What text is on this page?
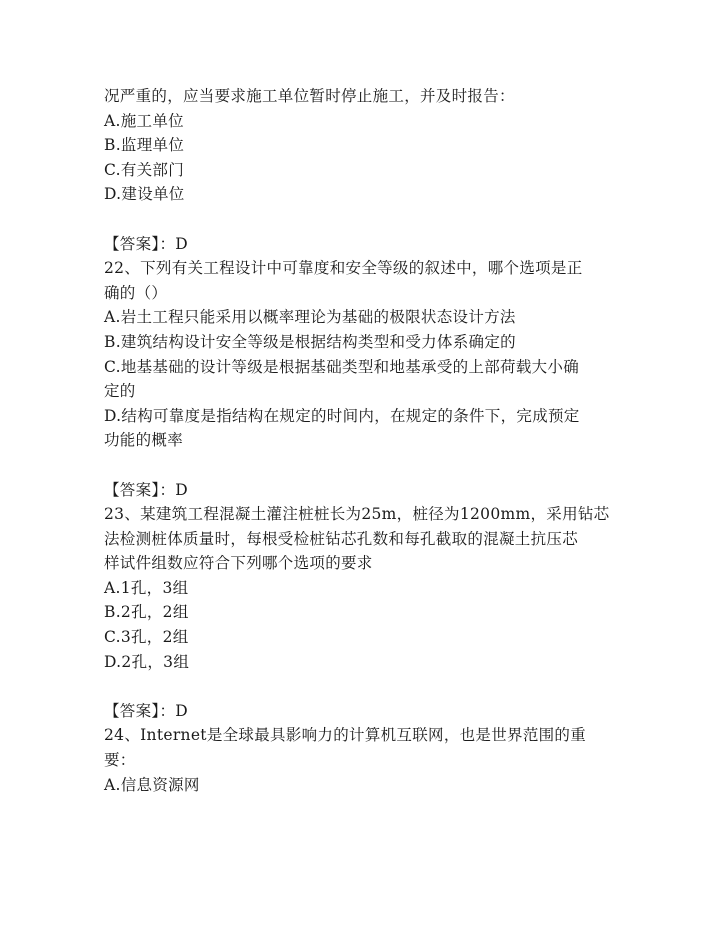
况严重的，应当要求施工单位暂时停止施工，并及时报告：
A.施工单位
B.监理单位
C.有关部门
D.建设单位
【答案】：D
22、下列有关工程设计中可靠度和安全等级的叙述中，哪个选项是正
确的（）
A.岩土工程只能采用以概率理论为基础的极限状态设计方法
B.建筑结构设计安全等级是根据结构类型和受力体系确定的
C.地基基础的设计等级是根据基础类型和地基承受的上部荷载大小确
定的
D.结构可靠度是指结构在规定的时间内，在规定的条件下，完成预定
功能的概率
【答案】：D
23、某建筑工程混凝土灌注桩桩长为25m，桩径为1200mm，采用钻芯
法检测桩体质量时，每根受检桩钻芯孔数和每孔截取的混凝土抗压芯
样试件组数应符合下列哪个选项的要求
A.1孔，3组
B.2孔，2组
C.3孔，2组
D.2孔，3组
【答案】：D
24、Internet是全球最具影响力的计算机互联网，也是世界范围的重
要：
A.信息资源网
